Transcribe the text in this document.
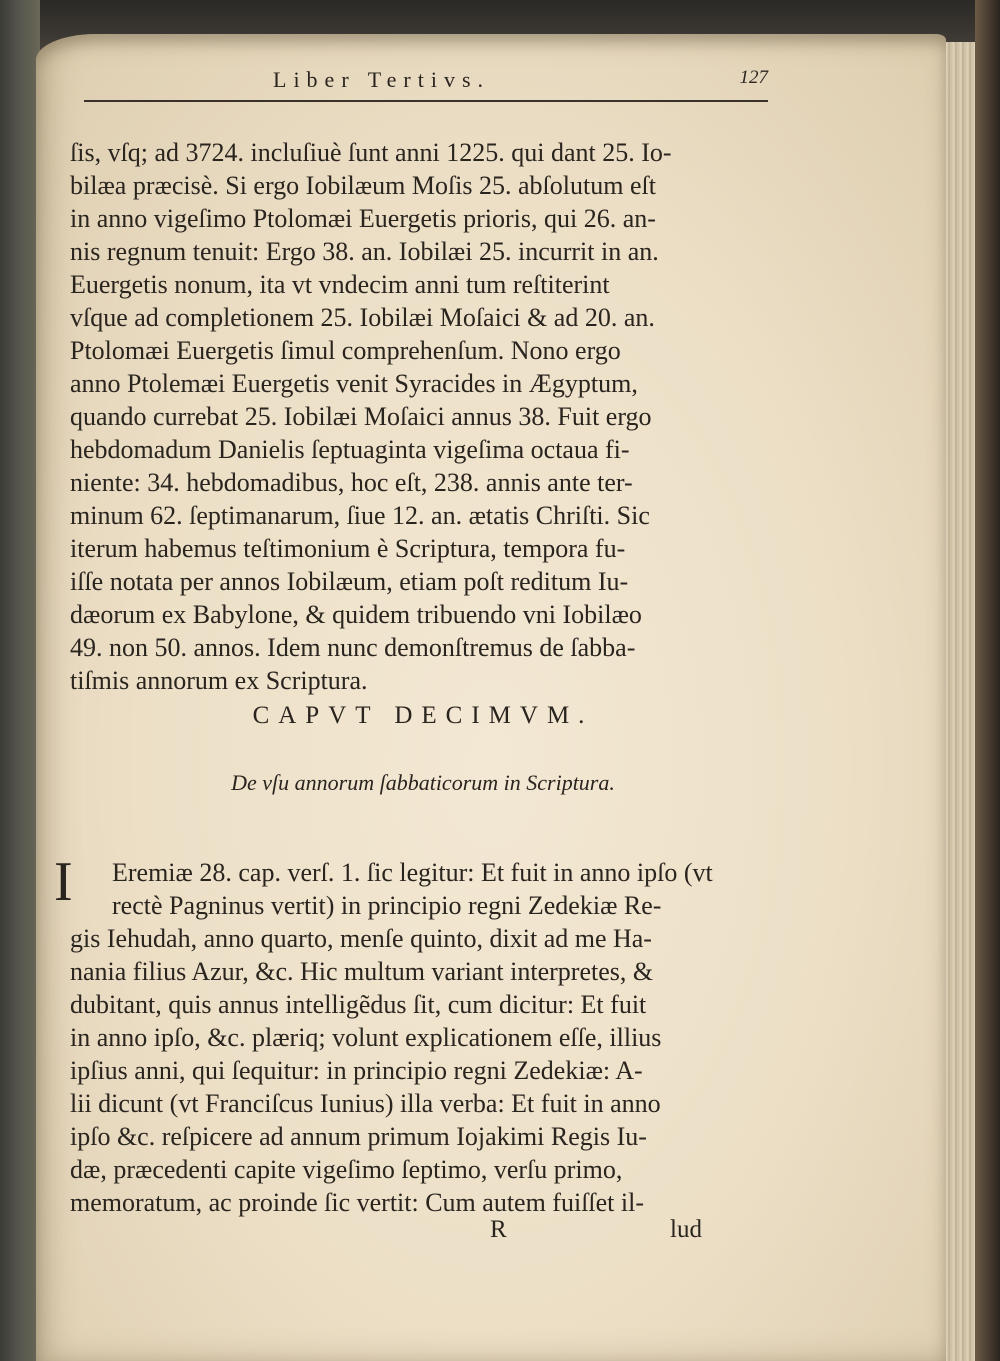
Liber Tertivs.	127
ſis, vſq; ad 3724. incluſiuè ſunt anni 1225. qui dant 25. Io-
bilæa præcisè. Si ergo Iobilæum Moſis 25. abſolutum eſt
in anno vigeſimo Ptolomæi Euergetis prioris, qui 26. an-
nis regnum tenuit: Ergo 38. an. Iobilæi 25. incurrit in an.
Euergetis nonum, ita vt vndecim anni tum reſtiterint
vſque ad completionem 25. Iobilæi Moſaici & ad 20. an.
Ptolomæi Euergetis ſimul comprehenſum. Nono ergo
anno Ptolemæi Euergetis venit Syracides in Ægyptum,
quando currebat 25. Iobilæi Moſaici annus 38. Fuit ergo
hebdomadum Danielis ſeptuaginta vigeſima octaua fi-
niente: 34. hebdomadibus, hoc eſt, 238. annis ante ter-
minum 62. ſeptimanarum, ſiue 12. an. ætatis Chriſti. Sic
iterum habemus teſtimonium è Scriptura, tempora fu-
iſſe notata per annos Iobilæum, etiam poſt reditum Iu-
dæorum ex Babylone, & quidem tribuendo vni Iobilæo
49. non 50. annos. Idem nunc demonſtremus de ſabba-
tiſmis annorum ex Scriptura.
CAPVT DECIMVM.
De vſu annorum ſabbaticorum in Scriptura.
I Eremiæ 28. cap. verſ. 1. ſic legitur: Et fuit in anno ipſo (vt
rectè Pagninus vertit) in principio regni Zedekiæ Re-
gis Iehudah, anno quarto, menſe quinto, dixit ad me Ha-
nania filius Azur, &c. Hic multum variant interpretes, &
dubitant, quis annus intelligẽdus ſit, cum dicitur: Et fuit
in anno ipſo, &c. plæriq; volunt explicationem eſſe, illius
ipſius anni, qui ſequitur: in principio regni Zedekiæ: A-
lii dicunt (vt Franciſcus Iunius) illa verba: Et fuit in anno
ipſo &c. reſpicere ad annum primum Iojakimi Regis Iu-
dæ, præcedenti capite vigeſimo ſeptimo, verſu primo,
memoratum, ac proinde ſic vertit: Cum autem fuiſſet il-
R	lud
